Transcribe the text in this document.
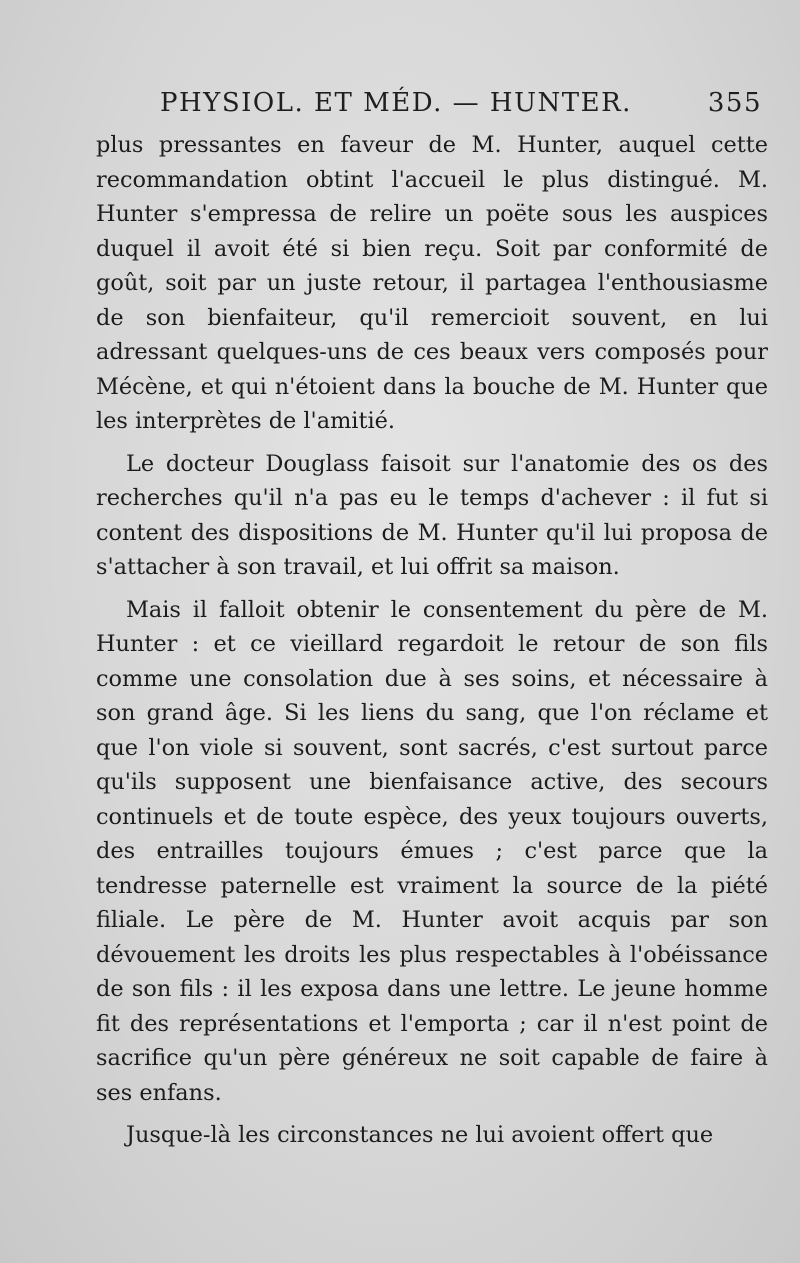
PHYSIOL. ET MÉD. — HUNTER.	355

plus pressantes en faveur de M. Hunter, auquel cette recommandation obtint l'accueil le plus distingué. M. Hunter s'empressa de relire un poëte sous les auspices duquel il avoit été si bien reçu. Soit par conformité de goût, soit par un juste retour, il partagea l'enthousiasme de son bienfaiteur, qu'il remercioit souvent, en lui adressant quelques-uns de ces beaux vers composés pour Mécène, et qui n'étoient dans la bouche de M. Hunter que les interprètes de l'amitié.

Le docteur Douglass faisoit sur l'anatomie des os des recherches qu'il n'a pas eu le temps d'achever : il fut si content des dispositions de M. Hunter qu'il lui proposa de s'attacher à son travail, et lui offrit sa maison.

Mais il falloit obtenir le consentement du père de M. Hunter : et ce vieillard regardoit le retour de son fils comme une consolation due à ses soins, et nécessaire à son grand âge. Si les liens du sang, que l'on réclame et que l'on viole si souvent, sont sacrés, c'est surtout parce qu'ils supposent une bienfaisance active, des secours continuels et de toute espèce, des yeux toujours ouverts, des entrailles toujours émues ; c'est parce que la tendresse paternelle est vraiment la source de la piété filiale. Le père de M. Hunter avoit acquis par son dévouement les droits les plus respectables à l'obéissance de son fils : il les exposa dans une lettre. Le jeune homme fit des représentations et l'emporta ; car il n'est point de sacrifice qu'un père généreux ne soit capable de faire à ses enfans.

Jusque-là les circonstances ne lui avoient offert que
